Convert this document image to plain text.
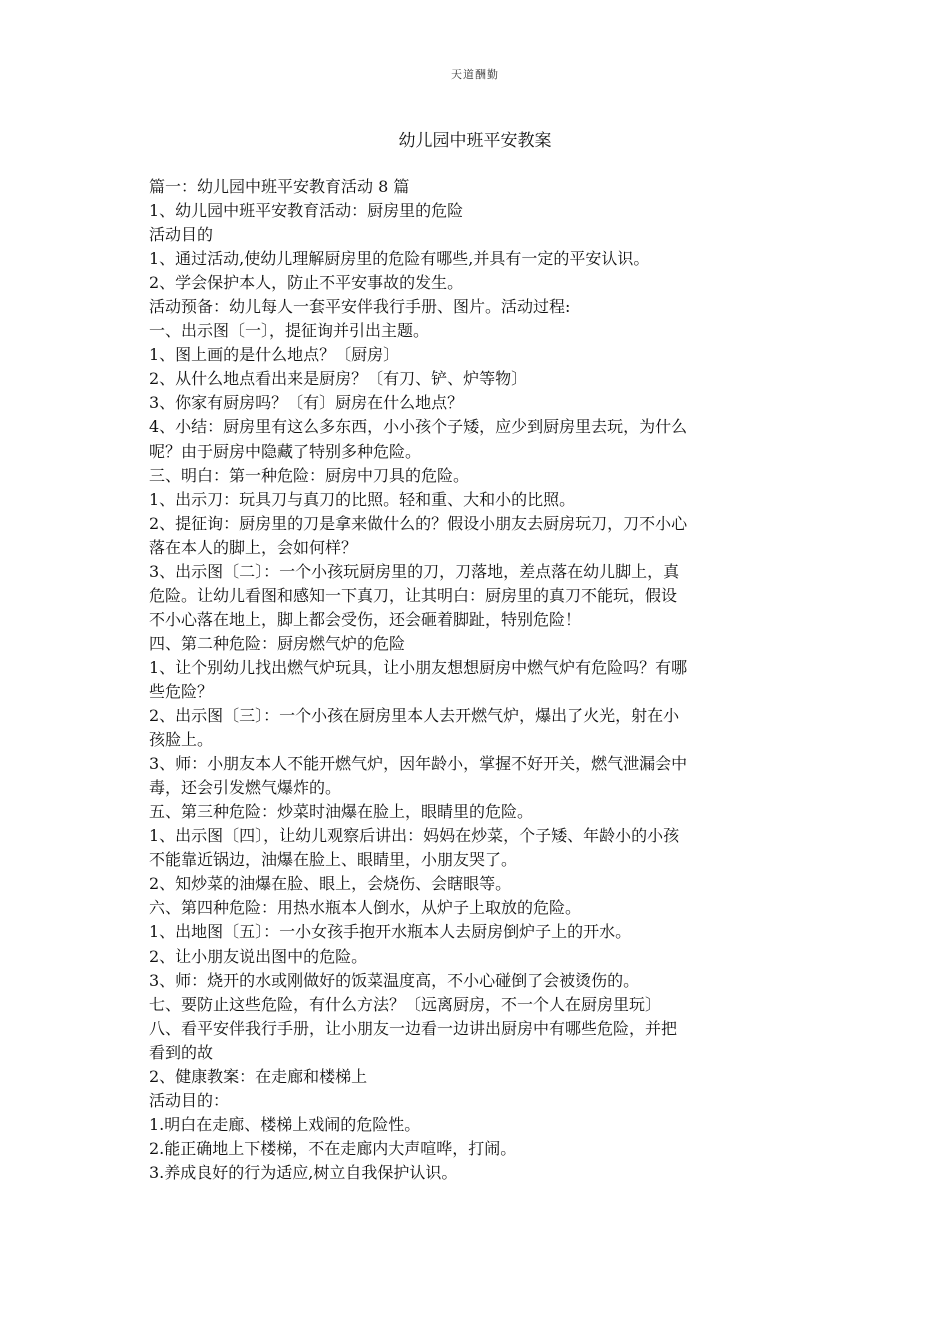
天道酬勤
幼儿园中班平安教案
篇一：幼儿园中班平安教育活动 8 篇
1、幼儿园中班平安教育活动：厨房里的危险
活动目的
1、通过活动,使幼儿理解厨房里的危险有哪些,并具有一定的平安认识。
2、学会保护本人，防止不平安事故的发生。
活动预备：幼儿每人一套平安伴我行手册、图片。活动过程:
一、出示图〔一〕，提征询并引出主题。
1、图上画的是什么地点？〔厨房〕
2、从什么地点看出来是厨房？〔有刀、铲、炉等物〕
3、你家有厨房吗？〔有〕厨房在什么地点？
4、小结：厨房里有这么多东西，小小孩个子矮，应少到厨房里去玩，为什么
呢？由于厨房中隐藏了特别多种危险。
三、明白：第一种危险：厨房中刀具的危险。
1、出示刀：玩具刀与真刀的比照。轻和重、大和小的比照。
2、提征询：厨房里的刀是拿来做什么的？假设小朋友去厨房玩刀，刀不小心
落在本人的脚上，会如何样？
3、出示图〔二〕：一个小孩玩厨房里的刀，刀落地，差点落在幼儿脚上，真
危险。让幼儿看图和感知一下真刀，让其明白：厨房里的真刀不能玩，假设
不小心落在地上，脚上都会受伤，还会砸着脚趾，特别危险！
四、第二种危险：厨房燃气炉的危险
1、让个别幼儿找出燃气炉玩具，让小朋友想想厨房中燃气炉有危险吗？有哪
些危险？
2、出示图〔三〕：一个小孩在厨房里本人去开燃气炉，爆出了火光，射在小
孩脸上。
3、师：小朋友本人不能开燃气炉，因年龄小，掌握不好开关，燃气泄漏会中
毒，还会引发燃气爆炸的。
五、第三种危险：炒菜时油爆在脸上，眼睛里的危险。
1、出示图〔四〕，让幼儿观察后讲出：妈妈在炒菜，个子矮、年龄小的小孩
不能靠近锅边，油爆在脸上、眼睛里，小朋友哭了。
2、知炒菜的油爆在脸、眼上，会烧伤、会瞎眼等。
六、第四种危险：用热水瓶本人倒水，从炉子上取放的危险。
1、出地图〔五〕：一小女孩手抱开水瓶本人去厨房倒炉子上的开水。
2、让小朋友说出图中的危险。
3、师：烧开的水或刚做好的饭菜温度高，不小心碰倒了会被烫伤的。
七、要防止这些危险，有什么方法？〔远离厨房，不一个人在厨房里玩〕
八、看平安伴我行手册，让小朋友一边看一边讲出厨房中有哪些危险，并把
看到的故
2、健康教案：在走廊和楼梯上
活动目的：
1.明白在走廊、楼梯上戏闹的危险性。
2.能正确地上下楼梯，不在走廊内大声喧哗，打闹。
3.养成良好的行为适应,树立自我保护认识。
